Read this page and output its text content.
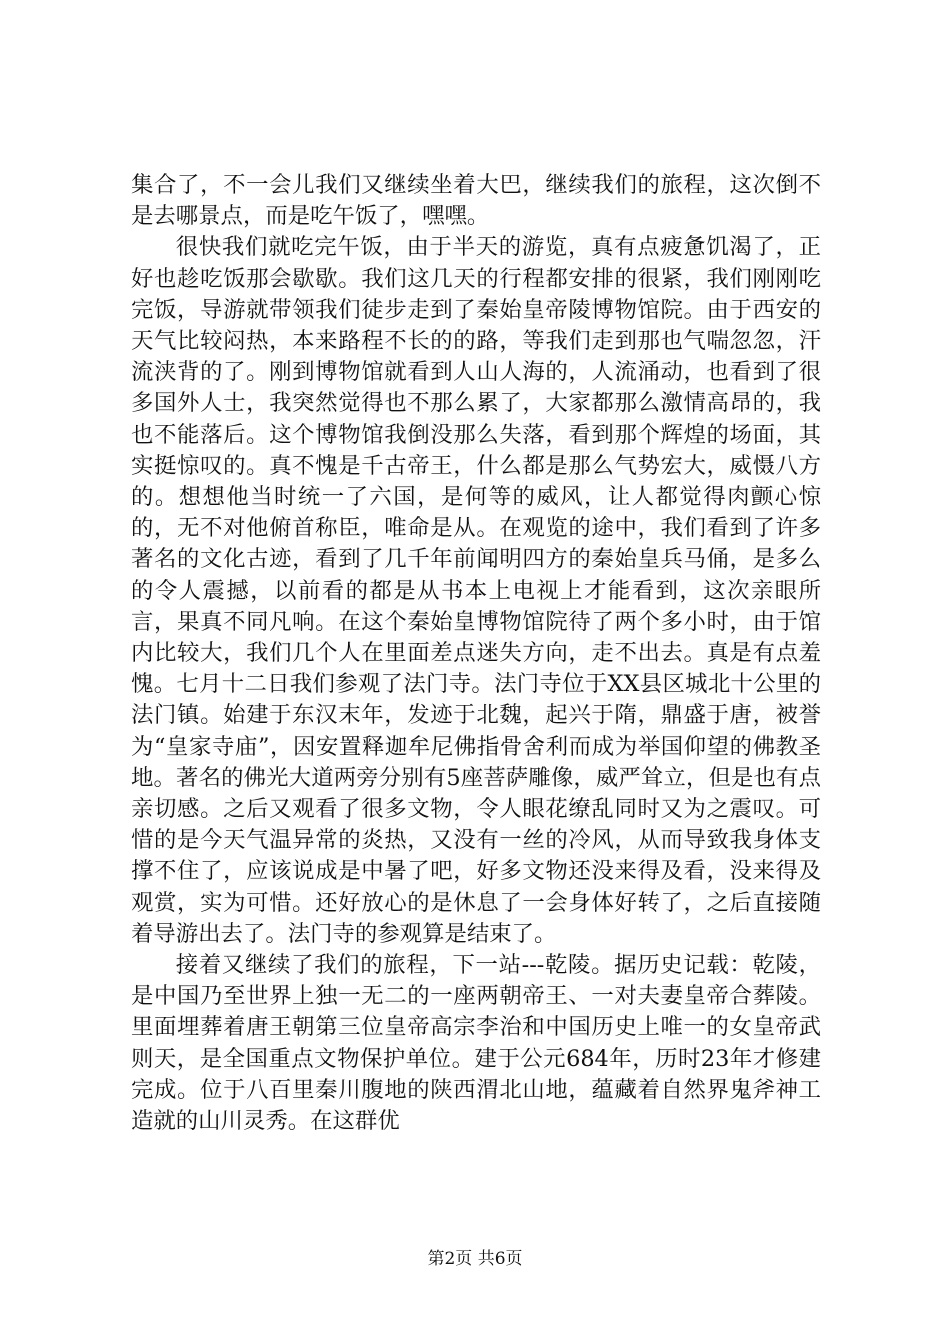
集合了，不一会儿我们又继续坐着大巴，继续我们的旅程，这次倒不是去哪景点，而是吃午饭了，嘿嘿。

很快我们就吃完午饭，由于半天的游览，真有点疲惫饥渴了，正好也趁吃饭那会歇歇。我们这几天的行程都安排的很紧，我们刚刚吃完饭，导游就带领我们徒步走到了秦始皇帝陵博物馆院。由于西安的天气比较闷热，本来路程不长的的路，等我们走到那也气喘忽忽，汗流浃背的了。刚到博物馆就看到人山人海的，人流涌动，也看到了很多国外人士，我突然觉得也不那么累了，大家都那么激情高昂的，我也不能落后。这个博物馆我倒没那么失落，看到那个辉煌的场面，其实挺惊叹的。真不愧是千古帝王，什么都是那么气势宏大，威慑八方的。想想他当时统一了六国，是何等的威风，让人都觉得肉颤心惊的，无不对他俯首称臣，唯命是从。在观览的途中，我们看到了许多著名的文化古迹，看到了几千年前闻明四方的秦始皇兵马俑，是多么的令人震撼，以前看的都是从书本上电视上才能看到，这次亲眼所言，果真不同凡响。在这个秦始皇博物馆院待了两个多小时，由于馆内比较大，我们几个人在里面差点迷失方向，走不出去。真是有点羞愧。七月十二日我们参观了法门寺。法门寺位于XX县区城北十公里的法门镇。始建于东汉末年，发迹于北魏，起兴于隋，鼎盛于唐，被誉为“皇家寺庙”，因安置释迦牟尼佛指骨舍利而成为举国仰望的佛教圣地。著名的佛光大道两旁分别有5座菩萨雕像，威严耸立，但是也有点亲切感。之后又观看了很多文物，令人眼花缭乱同时又为之震叹。可惜的是今天气温异常的炎热，又没有一丝的冷风，从而导致我身体支撑不住了，应该说成是中暑了吧，好多文物还没来得及看，没来得及观赏，实为可惜。还好放心的是休息了一会身体好转了，之后直接随着导游出去了。法门寺的参观算是结束了。

接着又继续了我们的旅程，下一站---乾陵。据历史记载：乾陵，是中国乃至世界上独一无二的一座两朝帝王、一对夫妻皇帝合葬陵。里面埋葬着唐王朝第三位皇帝高宗李治和中国历史上唯一的女皇帝武则天，是全国重点文物保护单位。建于公元684年，历时23年才修建完成。位于八百里秦川腹地的陕西渭北山地，蕴藏着自然界鬼斧神工造就的山川灵秀。在这群优

第2页 共6页
